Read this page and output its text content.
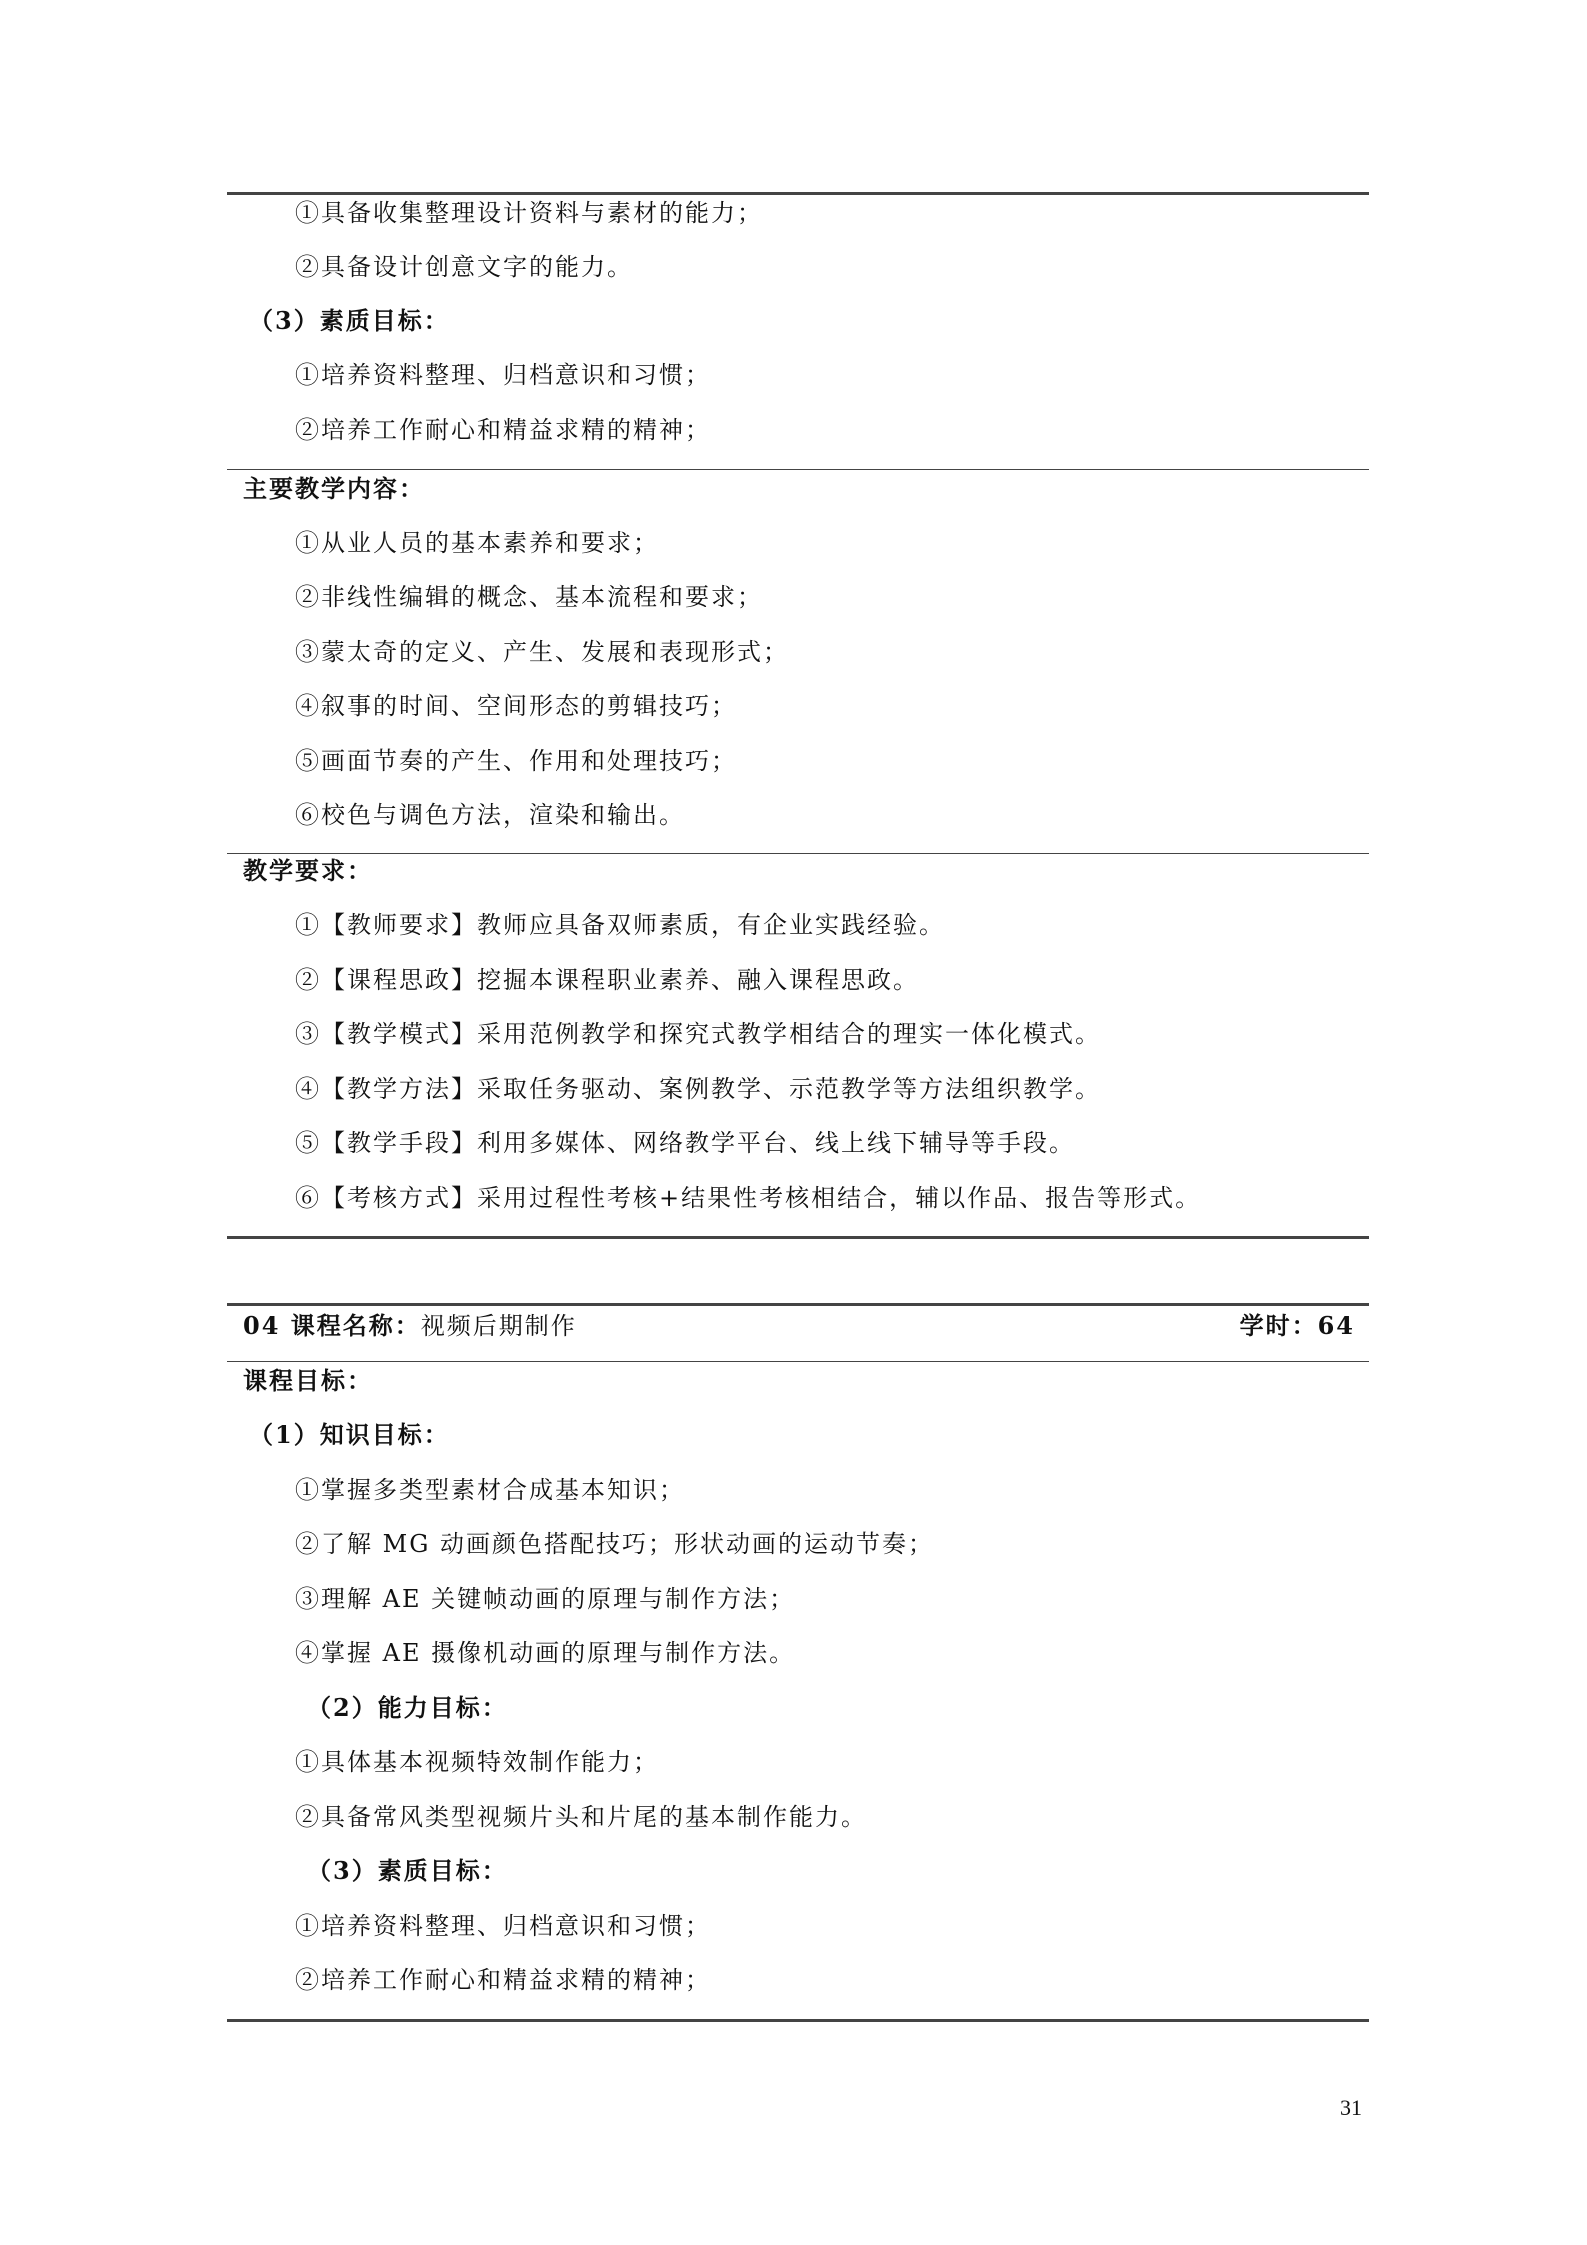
①具备收集整理设计资料与素材的能力；
②具备设计创意文字的能力。
（3）素质目标：
①培养资料整理、归档意识和习惯；
②培养工作耐心和精益求精的精神；
主要教学内容：
①从业人员的基本素养和要求；
②非线性编辑的概念、基本流程和要求；
③蒙太奇的定义、产生、发展和表现形式；
④叙事的时间、空间形态的剪辑技巧；
⑤画面节奏的产生、作用和处理技巧；
⑥校色与调色方法，渲染和输出。
教学要求：
①【教师要求】教师应具备双师素质，有企业实践经验。
②【课程思政】挖掘本课程职业素养、融入课程思政。
③【教学模式】采用范例教学和探究式教学相结合的理实一体化模式。
④【教学方法】采取任务驱动、案例教学、示范教学等方法组织教学。
⑤【教学手段】利用多媒体、网络教学平台、线上线下辅导等手段。
⑥【考核方式】采用过程性考核+结果性考核相结合，辅以作品、报告等形式。
04 课程名称：视频后期制作	学时：64
课程目标：
（1）知识目标：
①掌握多类型素材合成基本知识；
②了解 MG 动画颜色搭配技巧；形状动画的运动节奏；
③理解 AE 关键帧动画的原理与制作方法；
④掌握 AE 摄像机动画的原理与制作方法。
（2）能力目标：
①具体基本视频特效制作能力；
②具备常风类型视频片头和片尾的基本制作能力。
（3）素质目标：
①培养资料整理、归档意识和习惯；
②培养工作耐心和精益求精的精神；
31
